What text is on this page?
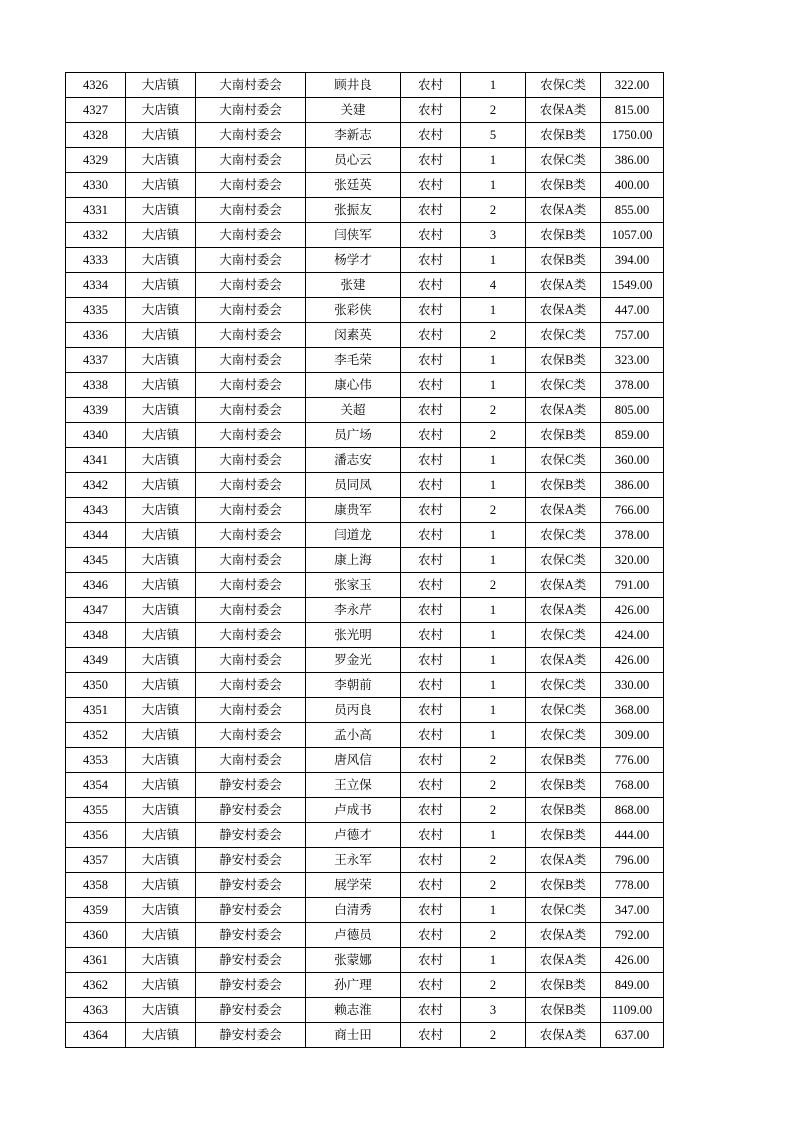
4326	大店镇	大南村委会	顾井良	农村	1	农保C类	322.00
4327	大店镇	大南村委会	关建	农村	2	农保A类	815.00
4328	大店镇	大南村委会	李新志	农村	5	农保B类	1750.00
4329	大店镇	大南村委会	员心云	农村	1	农保C类	386.00
4330	大店镇	大南村委会	张廷英	农村	1	农保B类	400.00
4331	大店镇	大南村委会	张振友	农村	2	农保A类	855.00
4332	大店镇	大南村委会	闫侠军	农村	3	农保B类	1057.00
4333	大店镇	大南村委会	杨学才	农村	1	农保B类	394.00
4334	大店镇	大南村委会	张建	农村	4	农保A类	1549.00
4335	大店镇	大南村委会	张彩侠	农村	1	农保A类	447.00
4336	大店镇	大南村委会	闵素英	农村	2	农保C类	757.00
4337	大店镇	大南村委会	李毛荣	农村	1	农保B类	323.00
4338	大店镇	大南村委会	康心伟	农村	1	农保C类	378.00
4339	大店镇	大南村委会	关超	农村	2	农保A类	805.00
4340	大店镇	大南村委会	员广场	农村	2	农保B类	859.00
4341	大店镇	大南村委会	潘志安	农村	1	农保C类	360.00
4342	大店镇	大南村委会	员同凤	农村	1	农保B类	386.00
4343	大店镇	大南村委会	康贵军	农村	2	农保A类	766.00
4344	大店镇	大南村委会	闫道龙	农村	1	农保C类	378.00
4345	大店镇	大南村委会	康上海	农村	1	农保C类	320.00
4346	大店镇	大南村委会	张家玉	农村	2	农保A类	791.00
4347	大店镇	大南村委会	李永芹	农村	1	农保A类	426.00
4348	大店镇	大南村委会	张光明	农村	1	农保C类	424.00
4349	大店镇	大南村委会	罗金光	农村	1	农保A类	426.00
4350	大店镇	大南村委会	李朝前	农村	1	农保C类	330.00
4351	大店镇	大南村委会	员丙良	农村	1	农保C类	368.00
4352	大店镇	大南村委会	孟小高	农村	1	农保C类	309.00
4353	大店镇	大南村委会	唐风信	农村	2	农保B类	776.00
4354	大店镇	静安村委会	王立保	农村	2	农保B类	768.00
4355	大店镇	静安村委会	卢成书	农村	2	农保B类	868.00
4356	大店镇	静安村委会	卢德才	农村	1	农保B类	444.00
4357	大店镇	静安村委会	王永军	农村	2	农保A类	796.00
4358	大店镇	静安村委会	展学荣	农村	2	农保B类	778.00
4359	大店镇	静安村委会	白清秀	农村	1	农保C类	347.00
4360	大店镇	静安村委会	卢德员	农村	2	农保A类	792.00
4361	大店镇	静安村委会	张蒙娜	农村	1	农保A类	426.00
4362	大店镇	静安村委会	孙广理	农村	2	农保B类	849.00
4363	大店镇	静安村委会	赖志淮	农村	3	农保B类	1109.00
4364	大店镇	静安村委会	商士田	农村	2	农保A类	637.00
